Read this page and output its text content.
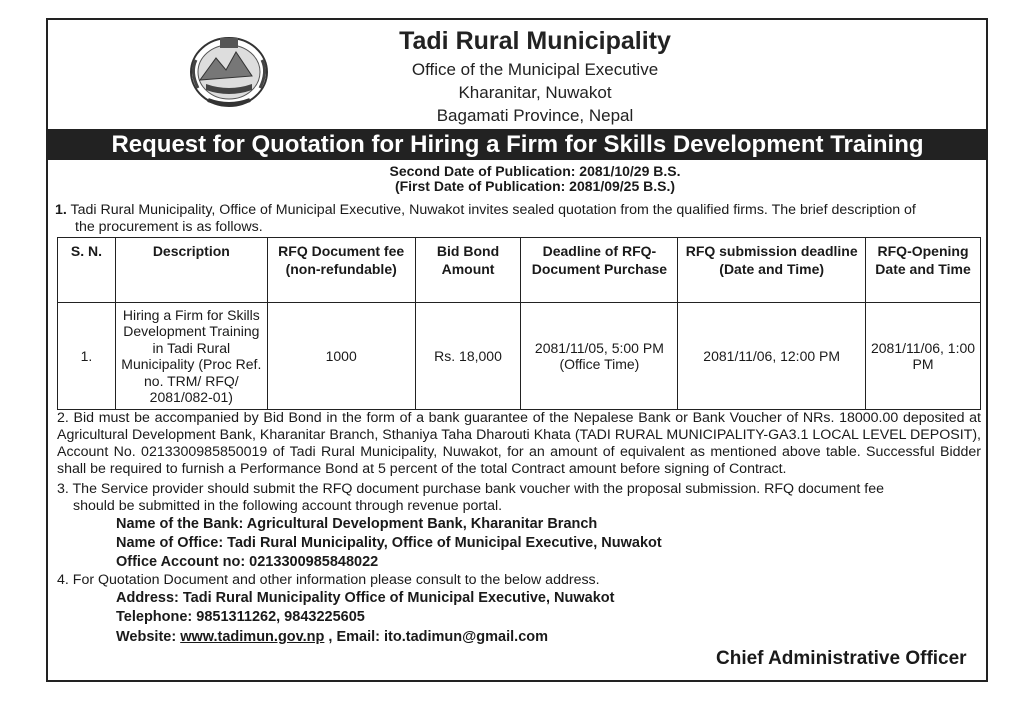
Tadi Rural Municipality
Office of the Municipal Executive
Kharanitar, Nuwakot
Bagamati Province, Nepal
Request for Quotation for Hiring a Firm for Skills Development Training
Second Date of Publication: 2081/10/29 B.S.
(First Date of Publication: 2081/09/25 B.S.)
1. Tadi Rural Municipality, Office of Municipal Executive, Nuwakot invites sealed quotation from the qualified firms. The brief description of
the procurement is as follows.
S. N.	Description	RFQ Document fee (non-refundable)	Bid Bond Amount	Deadline of RFQ-Document Purchase	RFQ submission deadline (Date and Time)	RFQ-Opening Date and Time
1.	Hiring a Firm for Skills Development Training in Tadi Rural Municipality (Proc Ref. no. TRM/ RFQ/ 2081/082-01)	1000	Rs. 18,000	2081/11/05, 5:00 PM (Office Time)	2081/11/06, 12:00 PM	2081/11/06, 1:00 PM
2. Bid must be accompanied by Bid Bond in the form of a bank guarantee of the Nepalese Bank or Bank Voucher of NRs. 18000.00 deposited at Agricultural Development Bank, Kharanitar Branch, Sthaniya Taha Dharouti Khata (TADI RURAL MUNICIPALITY-GA3.1 LOCAL LEVEL DEPOSIT), Account No. 0213300985850019 of Tadi Rural Municipality, Nuwakot, for an amount of equivalent as mentioned above table. Successful Bidder shall be required to furnish a Performance Bond at 5 percent of the total Contract amount before signing of Contract.
3. The Service provider should submit the RFQ document purchase bank voucher with the proposal submission. RFQ document fee
should be submitted in the following account through revenue portal.
Name of the Bank: Agricultural Development Bank, Kharanitar Branch
Name of Office: Tadi Rural Municipality, Office of Municipal Executive, Nuwakot
Office Account no: 0213300985848022
4. For Quotation Document and other information please consult to the below address.
Address: Tadi Rural Municipality Office of Municipal Executive, Nuwakot
Telephone: 9851311262, 9843225605
Website: www.tadimun.gov.np , Email: ito.tadimun@gmail.com
Chief Administrative Officer
